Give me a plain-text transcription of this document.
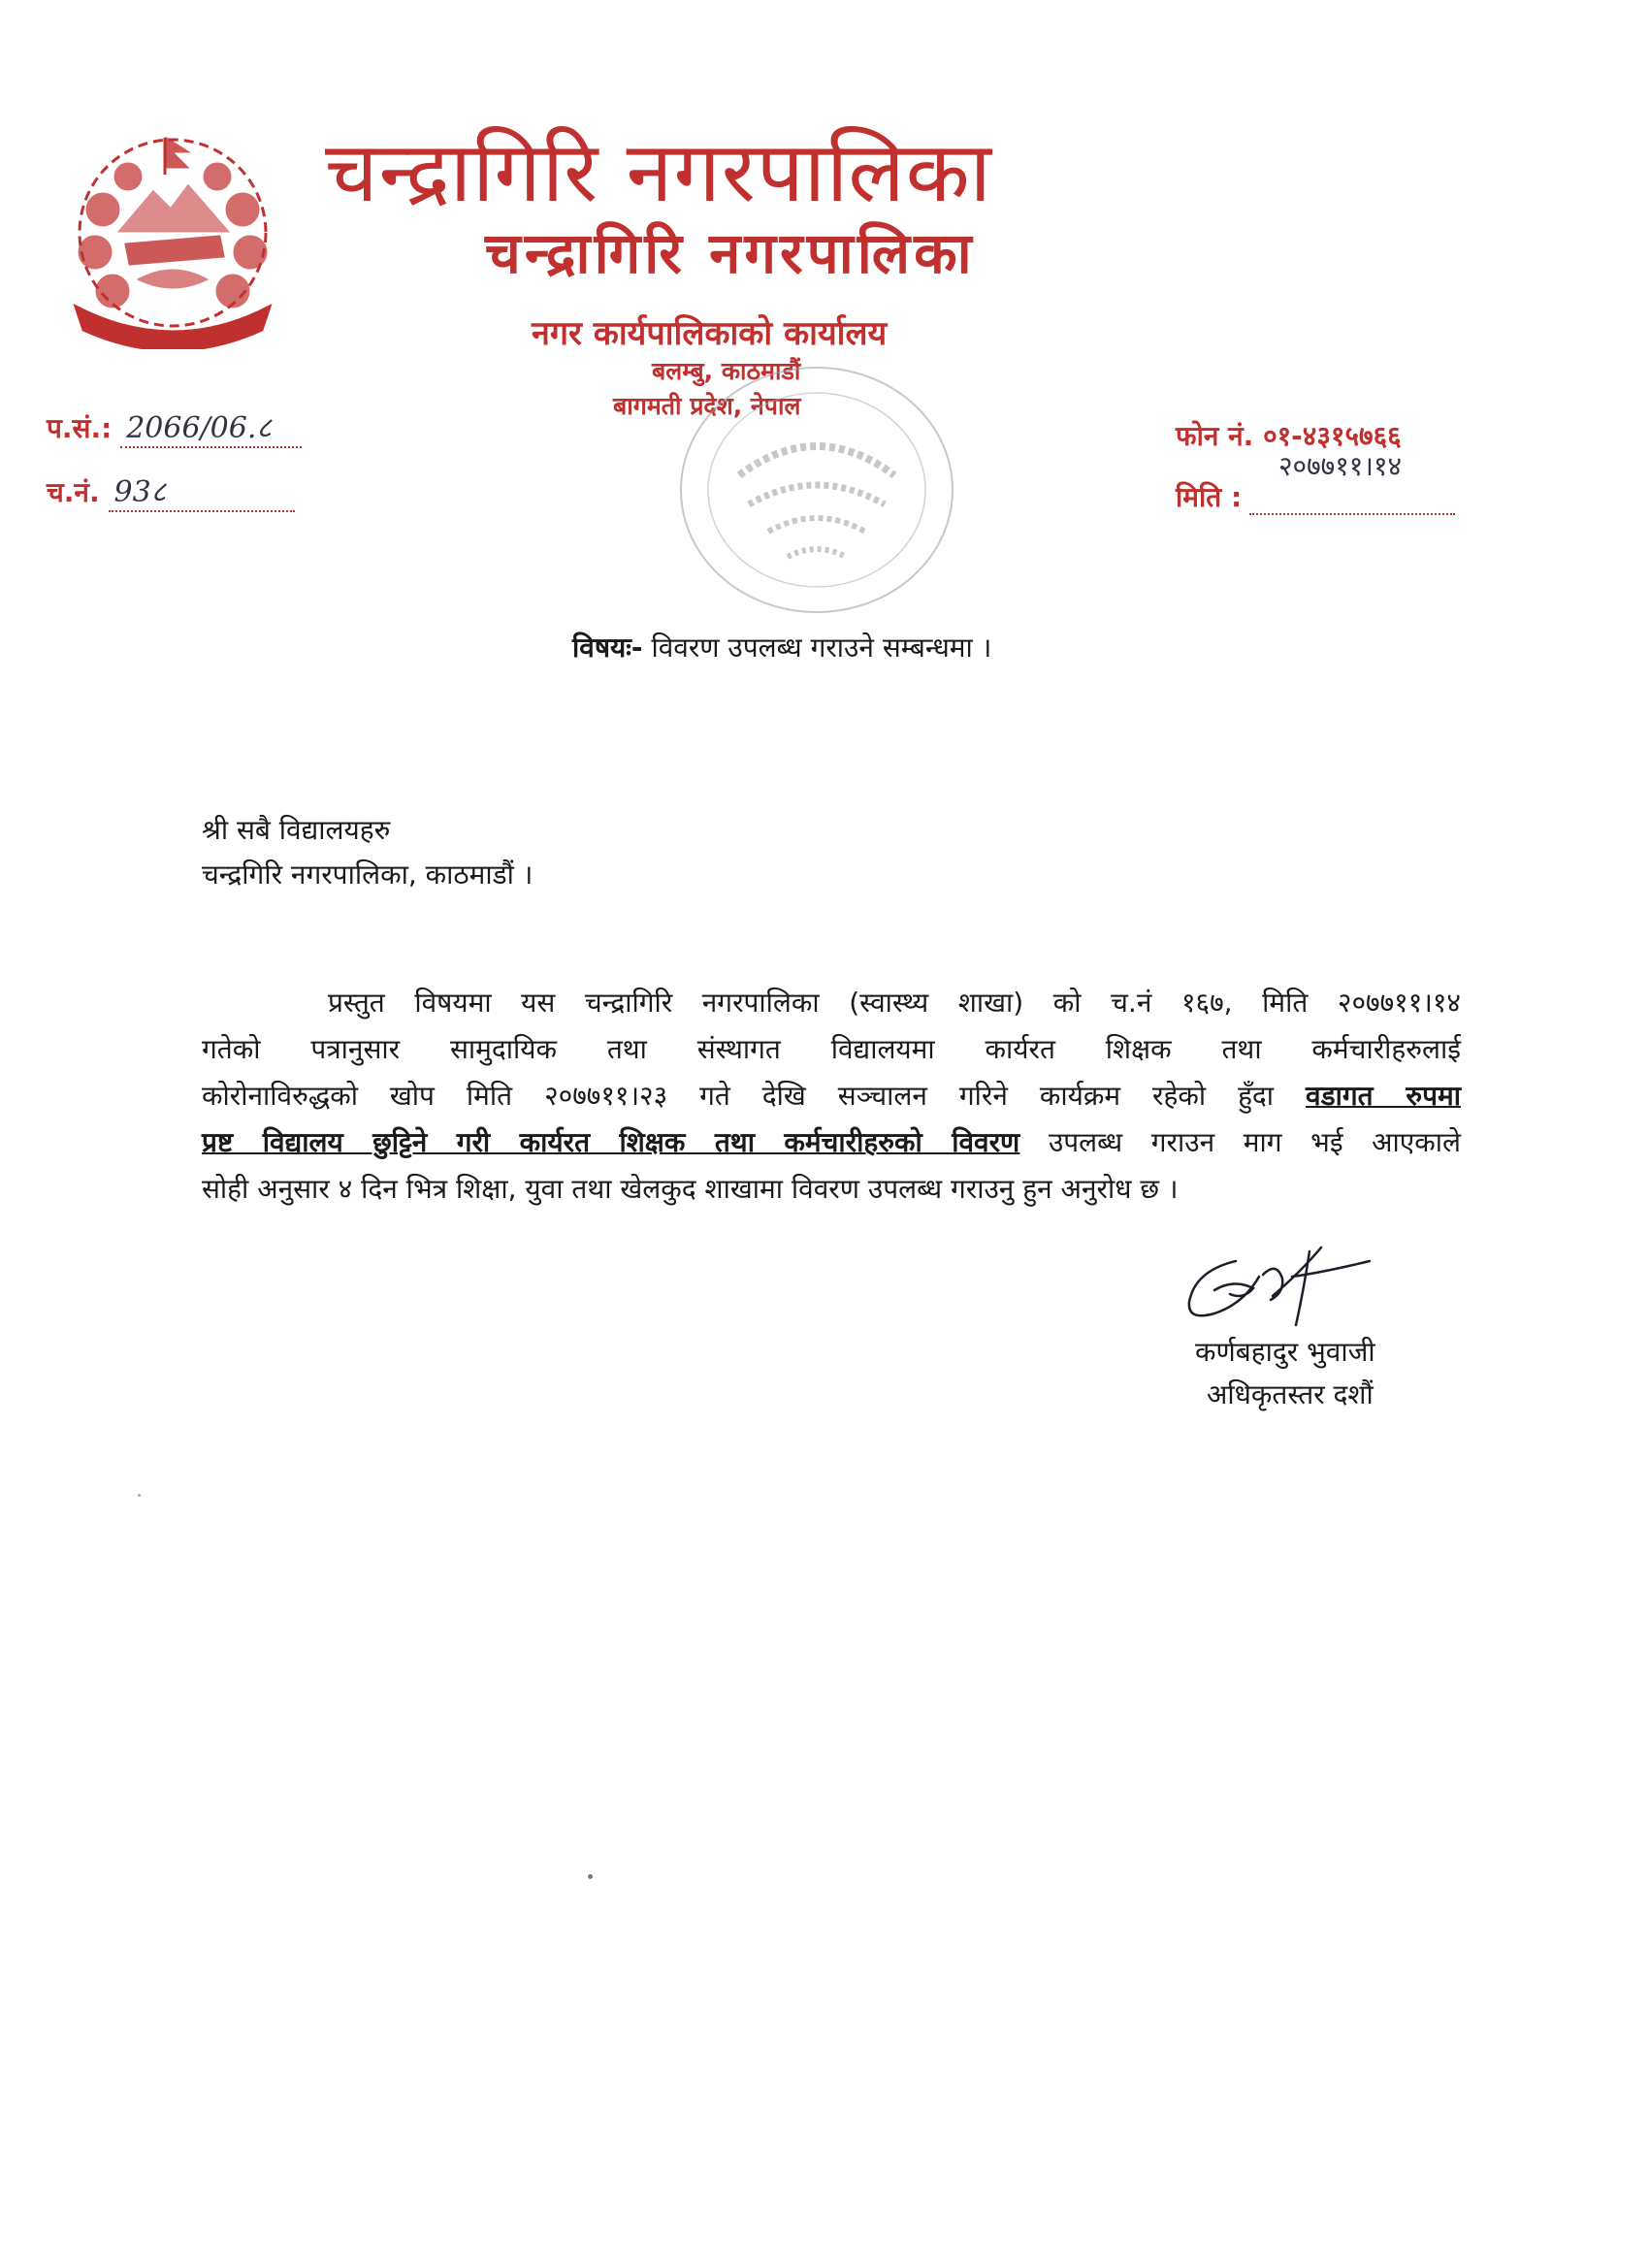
चन्द्रागिरि नगरपालिका
चन्द्रागिरि नगरपालिका
नगर कार्यपालिकाको कार्यालय
बलम्बु, काठमाडौं
बागमती प्रदेश, नेपाल
प.सं.: 2066/06.८
च.नं. 93८
फोन नं. ०१-४३१५७६६
२०७७११।१४
मिति :
विषयः- विवरण उपलब्ध गराउने सम्बन्धमा ।
श्री सबै विद्यालयहरु
चन्द्रगिरि नगरपालिका, काठमाडौं ।
प्रस्तुत विषयमा यस चन्द्रागिरि नगरपालिका (स्वास्थ्य शाखा) को च.नं १६७, मिति २०७७११।१४
गतेको पत्रानुसार सामुदायिक तथा संस्थागत विद्यालयमा कार्यरत शिक्षक तथा कर्मचारीहरुलाई
कोरोनाविरुद्धको खोप मिति २०७७११।२३ गते देखि सञ्चालन गरिने कार्यक्रम रहेको हुँदा वडागत रुपमा
प्रष्ट विद्यालय छुट्टिने गरी कार्यरत शिक्षक तथा कर्मचारीहरुको विवरण उपलब्ध गराउन माग भई आएकाले
सोही अनुसार ४ दिन भित्र शिक्षा, युवा तथा खेलकुद शाखामा विवरण उपलब्ध गराउनु हुन अनुरोध छ ।
कर्णबहादुर भुवाजी
अधिकृतस्तर दशौं
